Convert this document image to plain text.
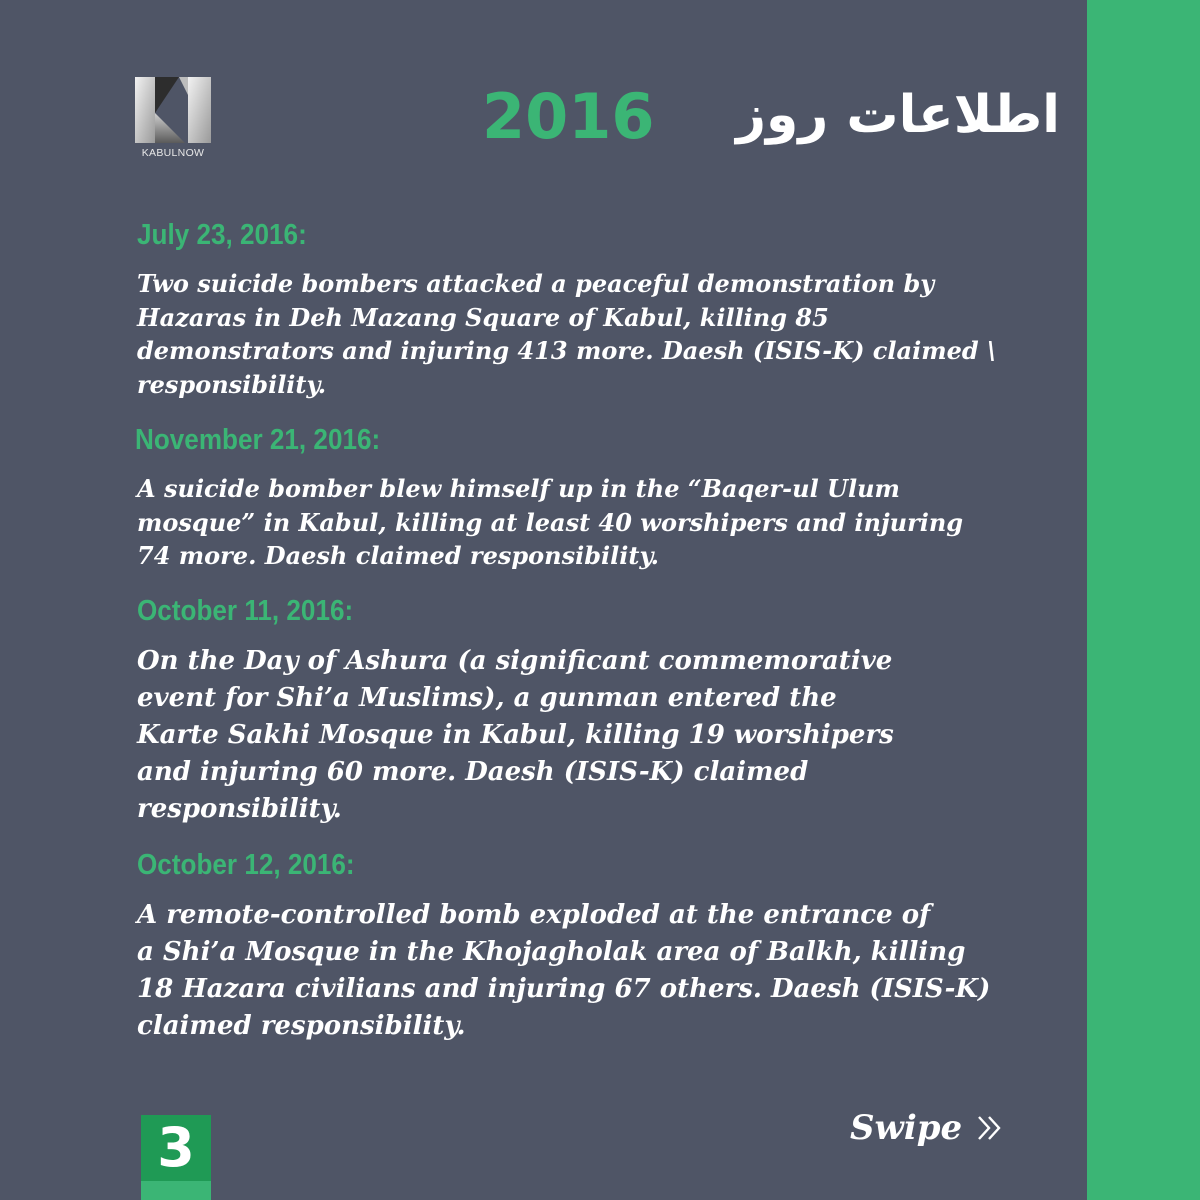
KABULNOW	2016 اطلاعات روز
July 23, 2016:

Two suicide bombers attacked a peaceful demonstration by
Hazaras in Deh Mazang Square of Kabul, killing 85
demonstrators and injuring 413 more. Daesh (ISIS-K) claimed \
responsibility.

November 21, 2016:

A suicide bomber blew himself up in the “Baqer-ul Ulum
mosque” in Kabul, killing at least 40 worshipers and injuring
74 more. Daesh claimed responsibility.

October 11, 2016:

On the Day of Ashura (a significant commemorative
event for Shi’a Muslims), a gunman entered the
Karte Sakhi Mosque in Kabul, killing 19 worshipers
and injuring 60 more. Daesh (ISIS-K) claimed
responsibility.

October 12, 2016:

A remote-controlled bomb exploded at the entrance of
a Shi’a Mosque in the Khojagholak area of Balkh, killing
18 Hazara civilians and injuring 67 others. Daesh (ISIS-K)
claimed responsibility.

3	Swipe
